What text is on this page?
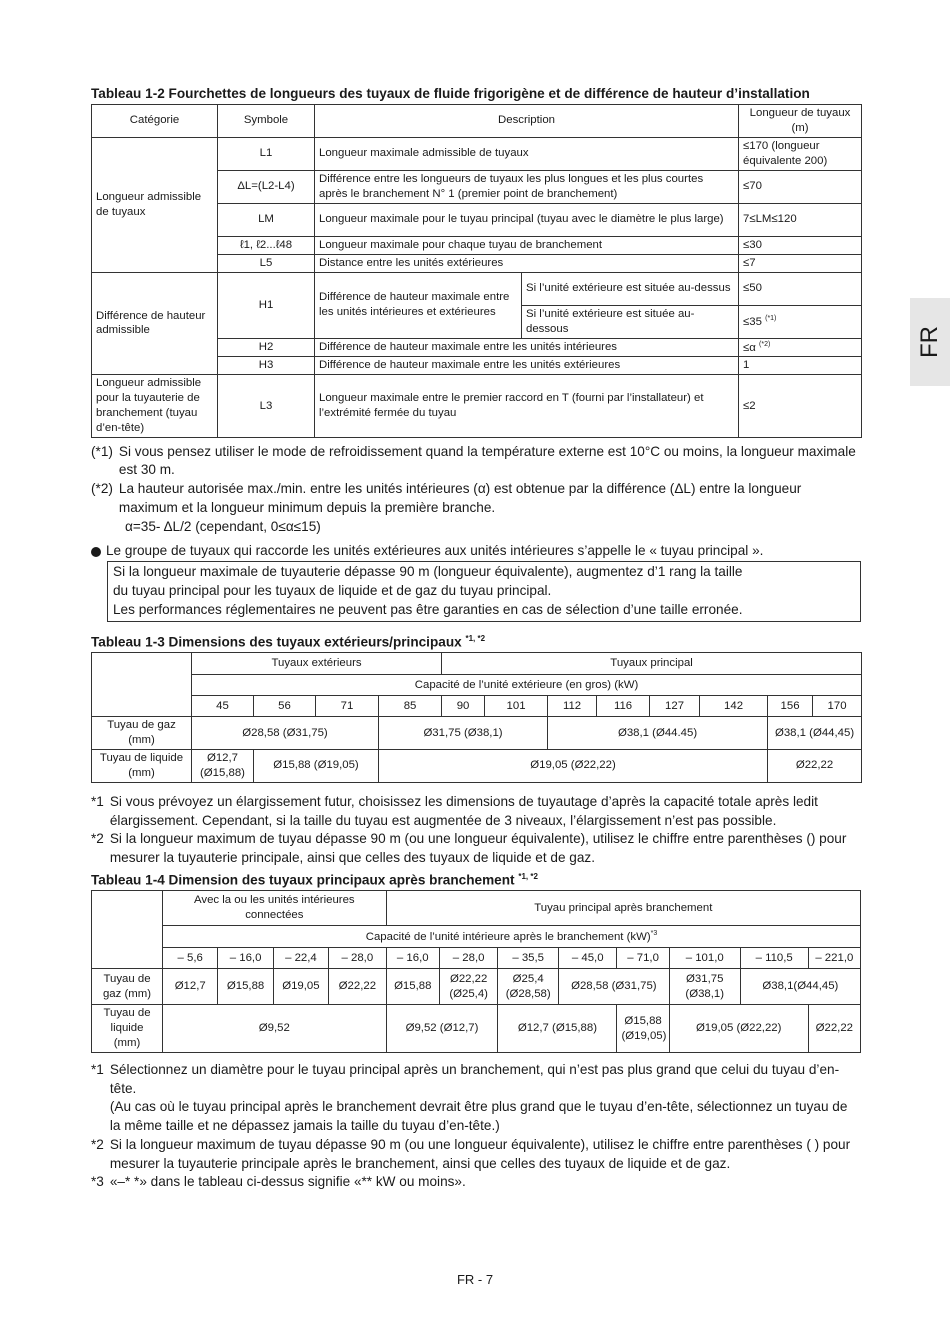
FR
Tableau 1-2 Fourchettes de longueurs des tuyaux de fluide frigorigène et de différence de hauteur d’installation
Catégorie	Symbole	Description		Longueur de tuyaux (m)
Longueur admissible de tuyaux	L1	Longueur maximale admissible de tuyaux		≤170 (longueur équivalente 200)
	ΔL=(L2-L4)	Différence entre les longueurs de tuyaux les plus longues et les plus courtes après le branchement N° 1 (premier point de branchement)		≤70
	LM	Longueur maximale pour le tuyau principal (tuyau avec le diamètre le plus large)		7≤LM≤120
	ℓ1, ℓ2...ℓ48	Longueur maximale pour chaque tuyau de branchement		≤30
	L5	Distance entre les unités extérieures		≤7
Différence de hauteur admissible	H1	Différence de hauteur maximale entre les unités intérieures et extérieures	Si l’unité extérieure est située au-dessus	≤50
			Si l’unité extérieure est située au-dessous	≤35 $^{(*1)}$
	H2	Différence de hauteur maximale entre les unités intérieures		≤α $^{(*2)}$
	H3	Différence de hauteur maximale entre les unités extérieures		1
Longueur admissible pour la tuyauterie de branchement (tuyau d’en-tête)	L3	Longueur maximale entre le premier raccord en T (fourni par l’installateur) et l’extrémité fermée du tuyau		≤2
(*1) Si vous pensez utiliser le mode de refroidissement quand la température externe est 10°C ou moins, la longueur maximale est 30 m.
(*2) La hauteur autorisée max./min. entre les unités intérieures (α) est obtenue par la différence (ΔL) entre la longueur maximum et la longueur minimum depuis la première branche.
α=35- ΔL/2 (cependant, 0≤α≤15)
Le groupe de tuyaux qui raccorde les unités extérieures aux unités intérieures s’appelle le « tuyau principal ».
Si la longueur maximale de tuyauterie dépasse 90 m (longueur équivalente), augmentez d’1 rang la taille
du tuyau principal pour les tuyaux de liquide et de gaz du tuyau principal.
Les performances réglementaires ne peuvent pas être garanties en cas de sélection d’une taille erronée.
Tableau 1-3 Dimensions des tuyaux extérieurs/principaux $^{*1, *2}$
	Tuyaux extérieurs				Tuyaux principal							
	Capacité de l’unité extérieure (en gros) (kW)											
	45	56	71	85	90	101	112	116	127	142	156	170
Tuyau de gaz (mm)	Ø28,58 (Ø31,75)			Ø31,75 (Ø38,1)			Ø38,1 (Ø44.45)				Ø38,1 (Ø44,45)	
Tuyau de liquide (mm)	Ø12,7 (Ø15,88)	Ø15,88 (Ø19,05)		Ø19,05 (Ø22,22)							Ø22,22	
*1 Si vous prévoyez un élargissement futur, choisissez les dimensions de tuyautage d’après la capacité totale après ledit élargissement. Cependant, si la taille du tuyau est augmentée de 3 niveaux, l’élargissement n’est pas possible.
*2 Si la longueur maximum de tuyau dépasse 90 m (ou une longueur équivalente), utilisez le chiffre entre parenthèses () pour mesurer la tuyauterie principale, ainsi que celles des tuyaux de liquide et de gaz.
Tableau 1-4 Dimension des tuyaux principaux après branchement $^{*1, *2}$
	Avec la ou les unités intérieures connectées				Tuyau principal après branchement							
	Capacité de l’unité intérieure après le branchement (kW)$^{*3}$
	– 5,6	– 16,0	– 22,4	– 28,0	– 16,0	– 28,0	– 35,5	– 45,0	– 71,0	– 101,0	– 110,5	– 221,0
Tuyau de gaz (mm)	Ø12,7	Ø15,88	Ø19,05	Ø22,22	Ø15,88	Ø22,22 (Ø25,4)	Ø25,4 (Ø28,58)	Ø28,58 (Ø31,75)		Ø31,75 (Ø38,1)	Ø38,1(Ø44,45)	
Tuyau de liquide (mm)	Ø9,52				Ø9,52 (Ø12,7)		Ø12,7 (Ø15,88)		Ø15,88 (Ø19,05)	Ø19,05 (Ø22,22)		Ø22,22
*1 Sélectionnez un diamètre pour le tuyau principal après un branchement, qui n’est pas plus grand que celui du tuyau d’en-tête.
(Au cas où le tuyau principal après le branchement devrait être plus grand que le tuyau d’en-tête, sélectionnez un tuyau de la même taille et ne dépassez jamais la taille du tuyau d’en-tête.)
*2 Si la longueur maximum de tuyau dépasse 90 m (ou une longueur équivalente), utilisez le chiffre entre parenthèses ( ) pour mesurer la tuyauterie principale après le branchement, ainsi que celles des tuyaux de liquide et de gaz.
*3 «–* *» dans le tableau ci-dessus signifie «** kW ou moins».
FR - 7
